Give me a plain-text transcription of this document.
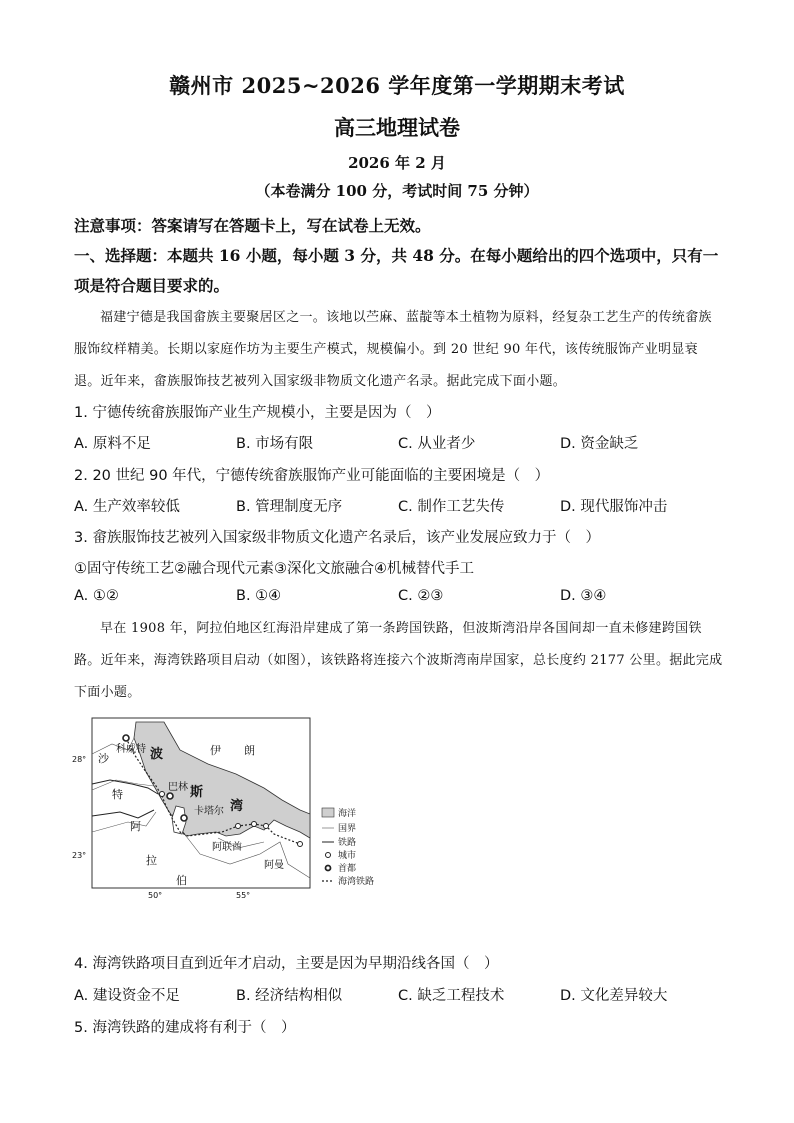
赣州市 2025~2026 学年度第一学期期末考试
高三地理试卷
2026 年 2 月
（本卷满分 100 分，考试时间 75 分钟）
注意事项：答案请写在答题卡上，写在试卷上无效。
一、选择题：本题共 16 小题，每小题 3 分，共 48 分。在每小题给出的四个选项中，只有一
项是符合题目要求的。
福建宁德是我国畲族主要聚居区之一。该地以苎麻、蓝靛等本土植物为原料，经复杂工艺生产的传统畲族服饰纹样精美。长期以家庭作坊为主要生产模式，规模偏小。到 20 世纪 90 年代，该传统服饰产业明显衰退。近年来，畲族服饰技艺被列入国家级非物质文化遗产名录。据此完成下面小题。
1. 宁德传统畲族服饰产业生产规模小，主要是因为（　）
A. 原料不足	B. 市场有限	C. 从业者少	D. 资金缺乏
2. 20 世纪 90 年代，宁德传统畲族服饰产业可能面临的主要困境是（　）
A. 生产效率较低	B. 管理制度无序	C. 制作工艺失传	D. 现代服饰冲击
3. 畲族服饰技艺被列入国家级非物质文化遗产名录后，该产业发展应致力于（　）
①固守传统工艺②融合现代元素③深化文旅融合④机械替代手工
A. ①②	B. ①④	C. ②③	D. ③④
早在 1908 年，阿拉伯地区红海沿岸建成了第一条跨国铁路，但波斯湾沿岸各国间却一直未修建跨国铁路。近年来，海湾铁路项目启动（如图），该铁路将连接六个波斯湾南岸国家，总长度约 2177 公里。据此完成下面小题。
科威特
巴林
卡塔尔
阿联酋
阿曼
沙
特
阿
拉
伯
伊 朗
波
斯
湾
28°
23°
50°	55°
海洋
国界
铁路
城市
首都
海湾铁路
4. 海湾铁路项目直到近年才启动，主要是因为早期沿线各国（　）
A. 建设资金不足	B. 经济结构相似	C. 缺乏工程技术	D. 文化差异较大
5. 海湾铁路的建成将有利于（　）
